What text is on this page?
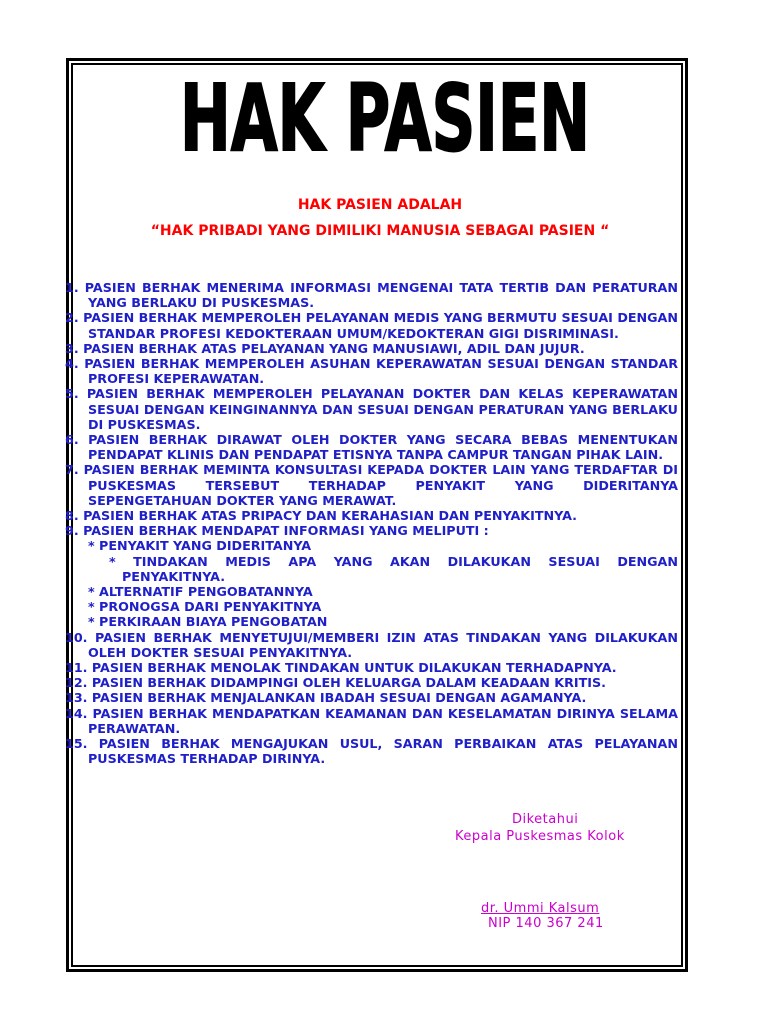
HAK PASIEN

HAK PASIEN ADALAH

“HAK PRIBADI YANG DIMILIKI MANUSIA SEBAGAI PASIEN “

1. PASIEN BERHAK MENERIMA INFORMASI MENGENAI TATA TERTIB DAN PERATURAN YANG BERLAKU DI PUSKESMAS.
2. PASIEN BERHAK MEMPEROLEH PELAYANAN MEDIS YANG BERMUTU SESUAI DENGAN STANDAR PROFESI KEDOKTERAAN UMUM/KEDOKTERAN GIGI DISRIMINASI.
3. PASIEN BERHAK ATAS PELAYANAN YANG MANUSIAWI, ADIL DAN JUJUR.
4. PASIEN BERHAK MEMPEROLEH ASUHAN KEPERAWATAN SESUAI DENGAN STANDAR PROFESI KEPERAWATAN.
5. PASIEN BERHAK MEMPEROLEH PELAYANAN DOKTER DAN KELAS KEPERAWATAN SESUAI DENGAN KEINGINANNYA DAN SESUAI DENGAN PERATURAN YANG BERLAKU DI PUSKESMAS.
6. PASIEN BERHAK DIRAWAT OLEH DOKTER YANG SECARA BEBAS MENENTUKAN PENDAPAT KLINIS DAN PENDAPAT ETISNYA TANPA CAMPUR TANGAN PIHAK LAIN.
7. PASIEN BERHAK MEMINTA KONSULTASI KEPADA DOKTER LAIN YANG TERDAFTAR DI PUSKESMAS TERSEBUT TERHADAP PENYAKIT YANG DIDERITANYA SEPENGETAHUAN DOKTER YANG MERAWAT.
8. PASIEN BERHAK ATAS PRIPACY DAN KERAHASIAN DAN PENYAKITNYA.
9. PASIEN BERHAK MENDAPAT INFORMASI YANG MELIPUTI :
* PENYAKIT YANG DIDERITANYA
* TINDAKAN MEDIS APA YANG AKAN DILAKUKAN SESUAI DENGAN PENYAKITNYA.
* ALTERNATIF PENGOBATANNYA
* PRONOGSA DARI PENYAKITNYA
* PERKIRAAN BIAYA PENGOBATAN
10. PASIEN BERHAK MENYETUJUI/MEMBERI IZIN ATAS TINDAKAN YANG DILAKUKAN OLEH DOKTER SESUAI PENYAKITNYA.
11. PASIEN BERHAK MENOLAK TINDAKAN UNTUK DILAKUKAN TERHADAPNYA.
12. PASIEN BERHAK DIDAMPINGI OLEH KELUARGA DALAM KEADAAN KRITIS.
13. PASIEN BERHAK MENJALANKAN IBADAH SESUAI DENGAN AGAMANYA.
14. PASIEN BERHAK MENDAPATKAN KEAMANAN DAN KESELAMATAN DIRINYA SELAMA PERAWATAN.
15. PASIEN BERHAK MENGAJUKAN USUL, SARAN PERBAIKAN ATAS PELAYANAN PUSKESMAS TERHADAP DIRINYA.

Diketahui

Kepala Puskesmas Kolok

dr. Ummi Kalsum

NIP 140 367 241
